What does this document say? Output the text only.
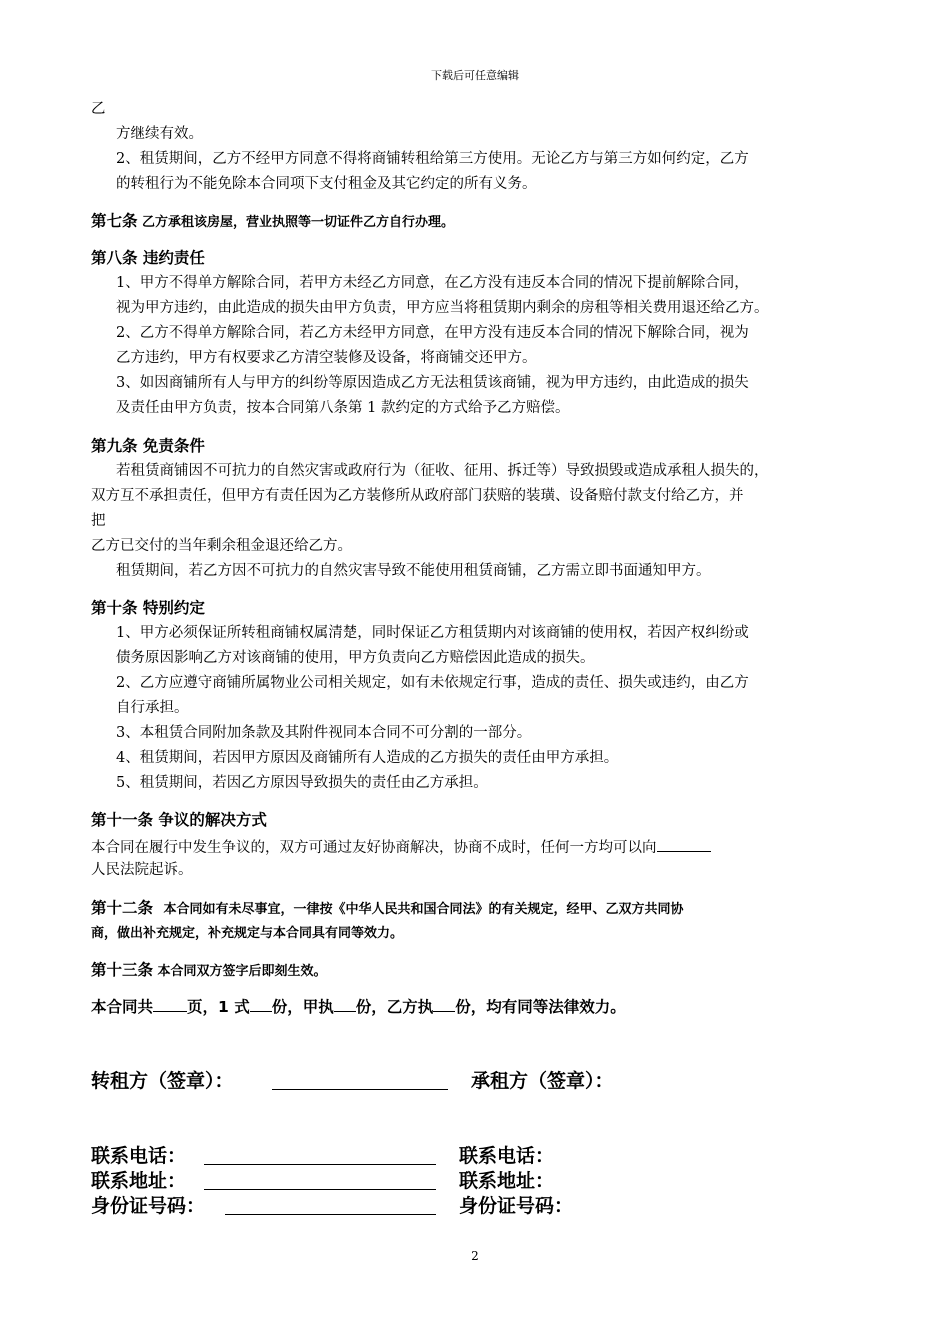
下载后可任意编辑
乙
方继续有效。
2、租赁期间，乙方不经甲方同意不得将商铺转租给第三方使用。无论乙方与第三方如何约定，乙方
的转租行为不能免除本合同项下支付租金及其它约定的所有义务。
第七条 乙方承租该房屋，营业执照等一切证件乙方自行办理。
第八条 违约责任
1、甲方不得单方解除合同，若甲方未经乙方同意，在乙方没有违反本合同的情况下提前解除合同，
视为甲方违约，由此造成的损失由甲方负责，甲方应当将租赁期内剩余的房租等相关费用退还给乙方。
2、乙方不得单方解除合同，若乙方未经甲方同意，在甲方没有违反本合同的情况下解除合同，视为
乙方违约，甲方有权要求乙方清空装修及设备，将商铺交还甲方。
3、如因商铺所有人与甲方的纠纷等原因造成乙方无法租赁该商铺，视为甲方违约，由此造成的损失
及责任由甲方负责，按本合同第八条第 1 款约定的方式给予乙方赔偿。
第九条 免责条件
若租赁商铺因不可抗力的自然灾害或政府行为（征收、征用、拆迁等）导致损毁或造成承租人损失的，
双方互不承担责任，但甲方有责任因为乙方装修所从政府部门获赔的装璜、设备赔付款支付给乙方，并
把
乙方已交付的当年剩余租金退还给乙方。
租赁期间，若乙方因不可抗力的自然灾害导致不能使用租赁商铺，乙方需立即书面通知甲方。
第十条 特别约定
1、甲方必须保证所转租商铺权属清楚，同时保证乙方租赁期内对该商铺的使用权，若因产权纠纷或
债务原因影响乙方对该商铺的使用，甲方负责向乙方赔偿因此造成的损失。
2、乙方应遵守商铺所属物业公司相关规定，如有未依规定行事，造成的责任、损失或违约，由乙方
自行承担。
3、本租赁合同附加条款及其附件视同本合同不可分割的一部分。
4、租赁期间，若因甲方原因及商铺所有人造成的乙方损失的责任由甲方承担。
5、租赁期间，若因乙方原因导致损失的责任由乙方承担。
第十一条 争议的解决方式
本合同在履行中发生争议的，双方可通过友好协商解决，协商不成时，任何一方均可以向
人民法院起诉。
第十二条 本合同如有未尽事宜，一律按《中华人民共和国合同法》的有关规定，经甲、乙双方共同协
商，做出补充规定，补充规定与本合同具有同等效力。
第十三条 本合同双方签字后即刻生效。
本合同共 页，1 式 份，甲执 份，乙方执 份，均有同等法律效力。
转租方（签章）：	承租方（签章）：
联系电话：	联系电话：
联系地址：	联系地址：
身份证号码：	身份证号码：
2
